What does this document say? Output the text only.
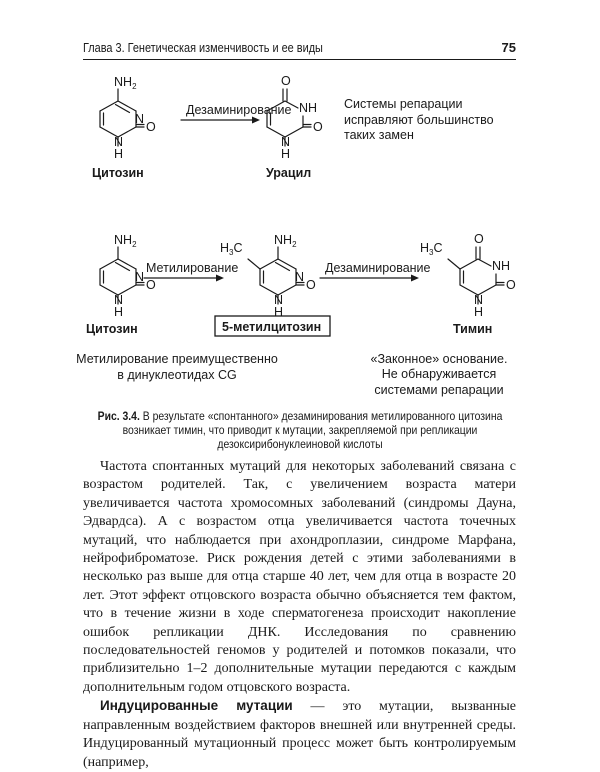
Глава 3. Генетическая изменчивость и ее виды	75
$NH_2$
N
N
H
O
Цитозин
Дезаминирование
O
NH
N
H
O
Урацил
Системы репарации
исправляют большинство
таких замен
$NH_2$
N
N
H
O
Цитозин
Метилирование
$H_3C$
$NH_2$
N
N
H
O
5-метилцитозин
Дезаминирование
$H_3C$
O
NH
N
H
O
Тимин
Метилирование преимущественно
в динуклеотидах CG
«Законное» основание.
Не обнаруживается
системами репарации
Рис. 3.4. В результате «спонтанного» дезаминирования метилированного цитозина возникает тимин, что приводит к мутации, закрепляемой при репликации дезоксирибонуклеиновой кислоты

Частота спонтанных мутаций для некоторых заболеваний связана с возрастом родителей. Так, с увеличением возраста матери увеличивается частота хромосомных заболеваний (синдромы Дауна, Эдвардса). А с возрастом отца увеличивается частота точечных мутаций, что наблюдается при ахондроплазии, синдроме Марфана, нейрофиброматозе. Риск рождения детей с этими заболеваниями в несколько раз выше для отца старше 40 лет, чем для отца в возрасте 20 лет. Этот эффект отцовского возраста обычно объясняется тем фактом, что в течение жизни в ходе сперматогенеза происходит накопление ошибок репликации ДНК. Исследования по сравнению последовательностей геномов у родителей и потомков показали, что приблизительно 1–2 дополнительные мутации передаются с каждым дополнительным годом отцовского возраста.

Индуцированные мутации — это мутации, вызванные направленным воздействием факторов внешней или внутренней среды. Индуцированный мутационный процесс может быть контролируемым (например,
